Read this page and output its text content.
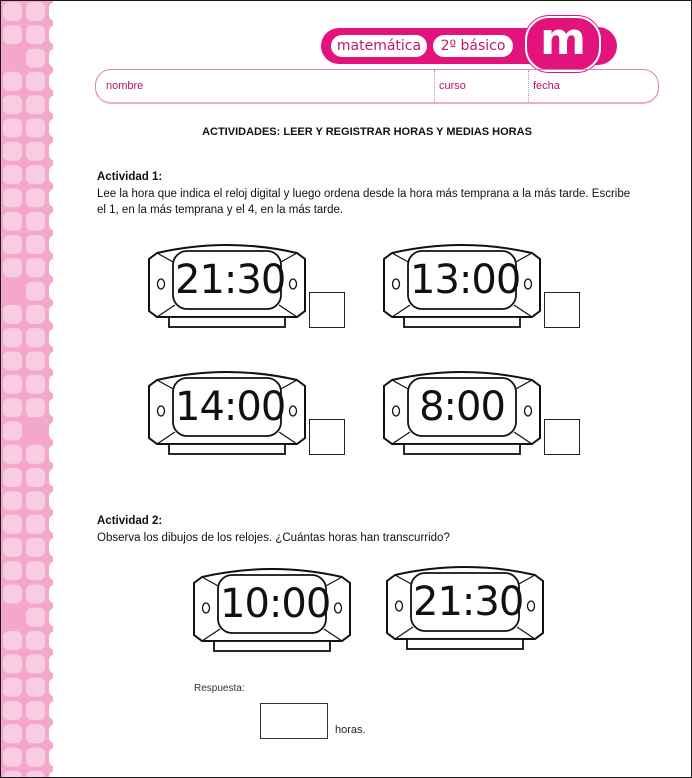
matemática	2º básico m
nombre	curso	fecha
ACTIVIDADES: LEER Y REGISTRAR HORAS Y MEDIAS HORAS
Actividad 1:
Lee la hora que indica el reloj digital y luego ordena desde la hora más temprana a la más tarde. Escribe
el 1, en la más temprana y el 4, en la más tarde.
21:30	13:00
14:00	8:00
Actividad 2:
Observa los dibujos de los relojes. ¿Cuántas horas han transcurrido?
10:00 21:30
Respuesta:
horas.
